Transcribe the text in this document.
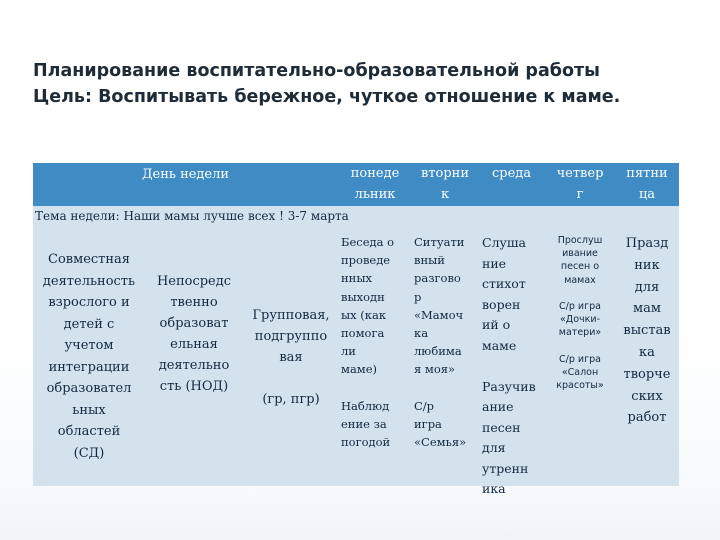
Планирование воспитательно-образовательной работы
Цель: Воспитывать бережное, чуткое отношение к маме.
День недели	понеде
льник
вторни
к
среда	четвер
г
пятни
ца
Тема недели: Наши мамы лучше всех ! 3-7 марта
Совместная
деятельность
взрослого и
детей с
учетом
интеграции
образовател
ьных
областей
(СД)
Непосредс
твенно
образоват
ельная
деятельно
сть (НОД)
Групповая,
подгруппо
вая

(гр, пгр)
Беседа о
проведе
нных
выходн
ых (как
помога
ли
маме)

Наблюд
ение за
погодой
Ситуати
вный
разгово
р
«Мамоч
ка
любима
я моя»

С/р
игра
«Семья»
Слуша
ние
стихот
ворен
ий о
маме

Разучив
ание
песен
для
утренн
ика
Прослуш
ивание
песен о
мамах

С/р игра
«Дочки-
матери»

С/р игра
«Салон
красоты»
Празд
ник
для
мам
выстав
ка
творче
ских
работ
